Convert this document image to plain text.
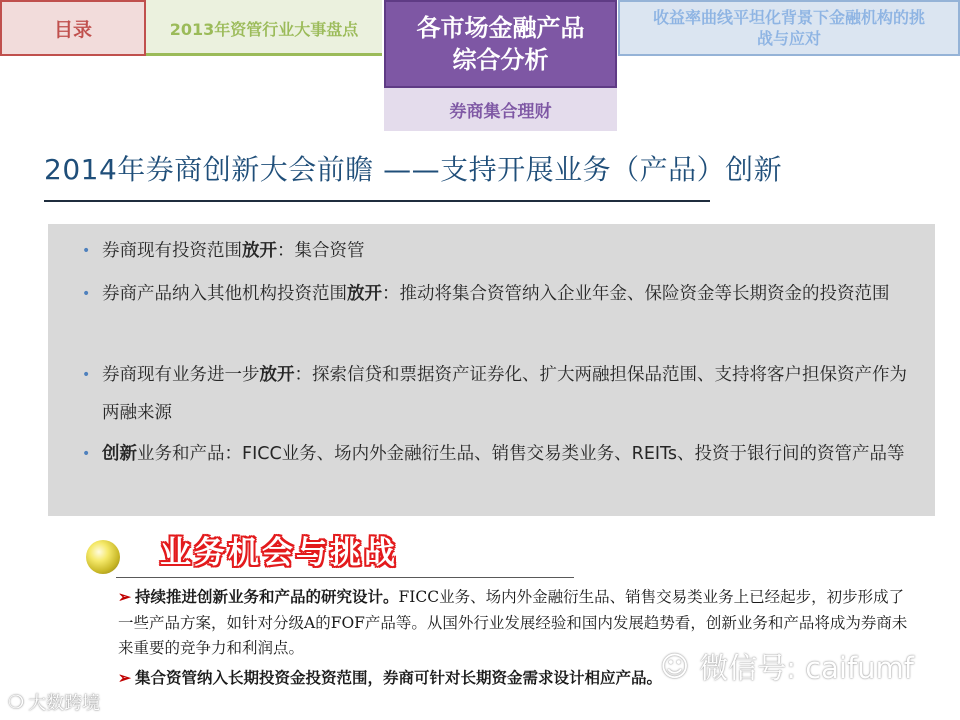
目录	2013年资管行业大事盘点 各市场金融产品
综合分析
收益率曲线平坦化背景下金融机构的挑
战与应对
券商集合理财
2014年券商创新大会前瞻 ——支持开展业务（产品）创新
• 券商现有投资范围放开：集合资管
• 券商产品纳入其他机构投资范围放开：推动将集合资管纳入企业年金、保险资金等长期资金的投资范围
• 券商现有业务进一步放开：探索信贷和票据资产证券化、扩大两融担保品范围、支持将客户担保资产作为两融来源
• 创新业务和产品：FICC业务、场内外金融衍生品、销售交易类业务、REITs、投资于银行间的资管产品等
业务机会与挑战
➢ 持续推进创新业务和产品的研究设计。FICC业务、场内外金融衍生品、销售交易类业务上已经起步，初步形成了一些产品方案，如针对分级A的FOF产品等。从国外行业发展经验和国内发展趋势看，创新业务和产品将成为券商未来重要的竞争力和利润点。
➢ 集合资管纳入长期投资金投资范围，券商可针对长期资金需求设计相应产品。
❍ 大数跨境
☺ 微信号: caifumf
